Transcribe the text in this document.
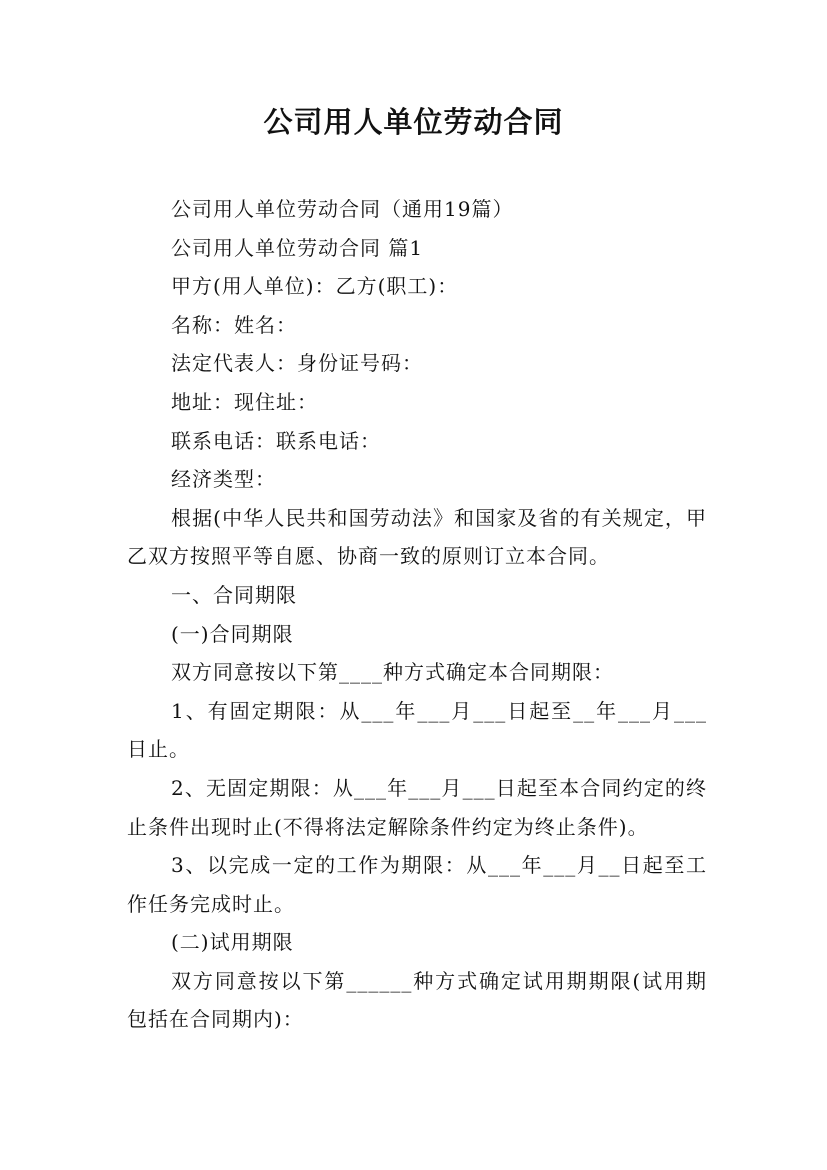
公司用人单位劳动合同

公司用人单位劳动合同（通用19篇）

公司用人单位劳动合同 篇1

甲方(用人单位)：乙方(职工)：

名称：姓名：

法定代表人：身份证号码：

地址：现住址：

联系电话：联系电话：

经济类型：

根据(中华人民共和国劳动法》和国家及省的有关规定，甲乙双方按照平等自愿、协商一致的原则订立本合同。

一、合同期限

(一)合同期限

双方同意按以下第____种方式确定本合同期限：

1、有固定期限：从___年___月___日起至__年___月___日止。

2、无固定期限：从___年___月___日起至本合同约定的终止条件出现时止(不得将法定解除条件约定为终止条件)。

3、以完成一定的工作为期限：从___年___月__日起至工作任务完成时止。

(二)试用期限

双方同意按以下第______种方式确定试用期期限(试用期包括在合同期内)：
